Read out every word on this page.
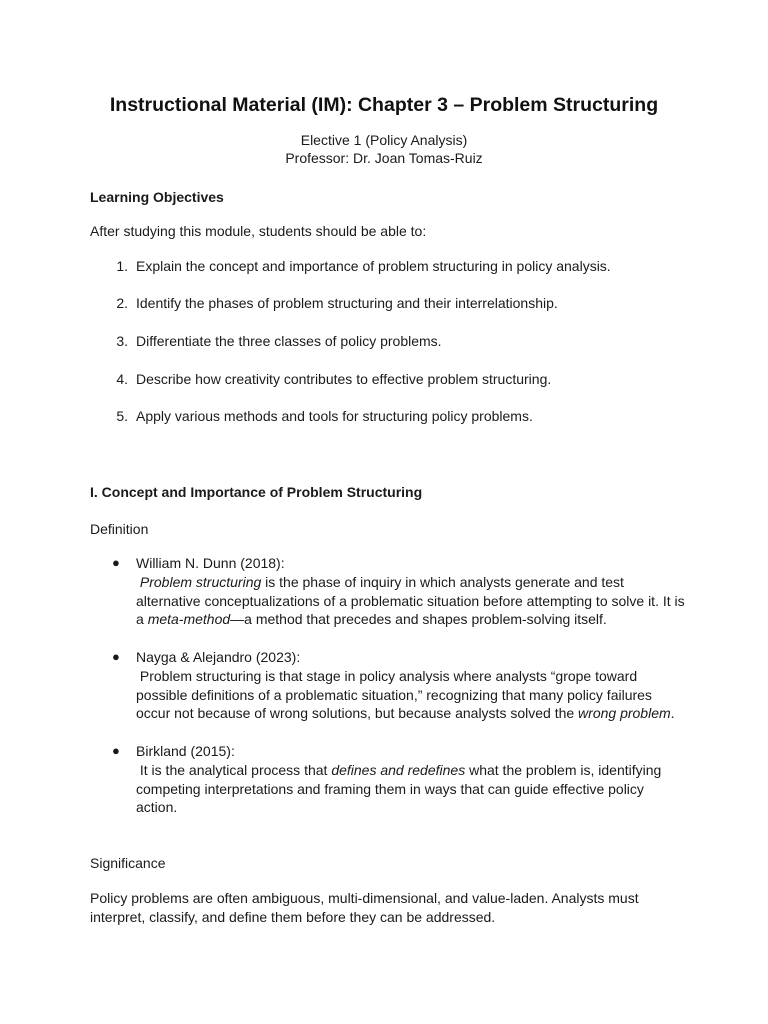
Instructional Material (IM): Chapter 3 – Problem Structuring
Elective 1 (Policy Analysis)
Professor: Dr. Joan Tomas-Ruiz
Learning Objectives
After studying this module, students should be able to:
1. Explain the concept and importance of problem structuring in policy analysis.
2. Identify the phases of problem structuring and their interrelationship.
3. Differentiate the three classes of policy problems.
4. Describe how creativity contributes to effective problem structuring.
5. Apply various methods and tools for structuring policy problems.
I. Concept and Importance of Problem Structuring
Definition
● William N. Dunn (2018):
Problem structuring is the phase of inquiry in which analysts generate and test
alternative conceptualizations of a problematic situation before attempting to solve it. It is
a meta-method—a method that precedes and shapes problem-solving itself.
● Nayga & Alejandro (2023):
Problem structuring is that stage in policy analysis where analysts “grope toward
possible definitions of a problematic situation,” recognizing that many policy failures
occur not because of wrong solutions, but because analysts solved the wrong problem.
● Birkland (2015):
It is the analytical process that defines and redefines what the problem is, identifying
competing interpretations and framing them in ways that can guide effective policy
action.
Significance
Policy problems are often ambiguous, multi-dimensional, and value-laden. Analysts must
interpret, classify, and define them before they can be addressed.
